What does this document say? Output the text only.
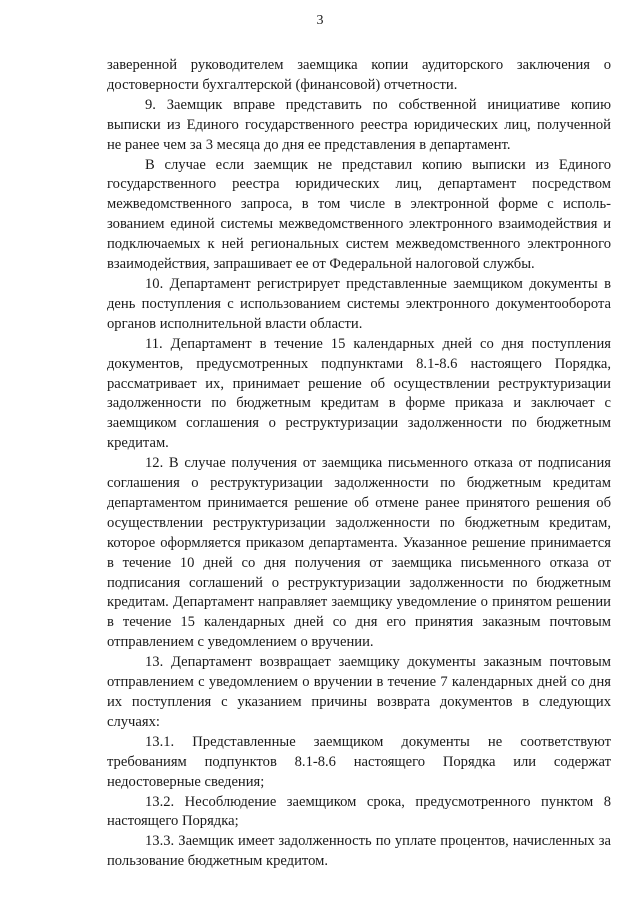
3

заверенной руководителем заемщика копии аудиторского заключения о достоверности бухгалтерской (финансовой) отчетности.

9. Заемщик вправе представить по собственной инициативе копию выписки из Единого государственного реестра юридических лиц, полученной не ранее чем за 3 месяца до дня ее представления в департамент.

В случае если заемщик не представил копию выписки из Единого государственного реестра юридических лиц, департамент посредством межведомственного запроса, в том числе в электронной форме с использованием единой системы межведомственного электронного взаимодействия и подключаемых к ней региональных систем межведомственного электронного взаимодействия, запрашивает ее от Федеральной налоговой службы.

10. Департамент регистрирует представленные заемщиком документы в день поступления с использованием системы электронного документооборота органов исполнительной власти области.

11. Департамент в течение 15 календарных дней со дня поступления документов, предусмотренных подпунктами 8.1-8.6 настоящего Порядка, рассматривает их, принимает решение об осуществлении реструктуризации задолженности по бюджетным кредитам в форме приказа и заключает с заемщиком соглашения о реструктуризации задолженности по бюджетным кредитам.

12. В случае получения от заемщика письменного отказа от подписания соглашения о реструктуризации задолженности по бюджетным кредитам департаментом принимается решение об отмене ранее принятого решения об осуществлении реструктуризации задолженности по бюджетным кредитам, которое оформляется приказом департамента. Указанное решение принимается в течение 10 дней со дня получения от заемщика письменного отказа от подписания соглашений о реструктуризации задолженности по бюджетным кредитам. Департамент направляет заемщику уведомление о принятом решении в течение 15 календарных дней со дня его принятия заказным почтовым отправлением с уведомлением о вручении.

13. Департамент возвращает заемщику документы заказным почтовым отправлением с уведомлением о вручении в течение 7 календарных дней со дня их поступления с указанием причины возврата документов в следующих случаях:

13.1. Представленные заемщиком документы не соответствуют требованиям подпунктов 8.1-8.6 настоящего Порядка или содержат недостоверные сведения;

13.2. Несоблюдение заемщиком срока, предусмотренного пунктом 8 настоящего Порядка;

13.3. Заемщик имеет задолженность по уплате процентов, начисленных за пользование бюджетным кредитом.
